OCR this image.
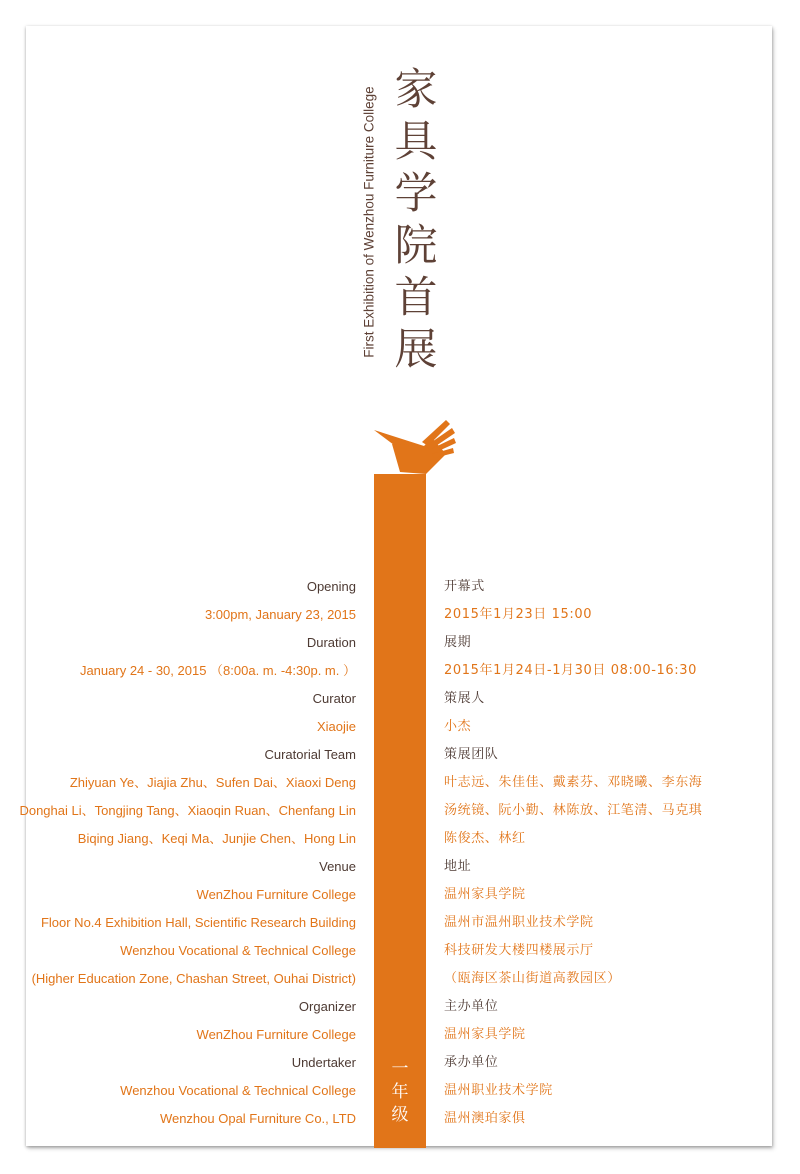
家
具
学
院
首
展
First Exhibition of Wenzhou Furniture College
一
年
级
Opening
3:00pm, January 23, 2015
Duration
January 24 - 30, 2015 （8:00a. m. -4:30p. m. ）
Curator
Xiaojie
Curatorial Team
Zhiyuan Ye、Jiajia Zhu、Sufen Dai、Xiaoxi Deng
Donghai Li、Tongjing Tang、Xiaoqin Ruan、Chenfang Lin
Biqing Jiang、Keqi Ma、Junjie Chen、Hong Lin
Venue
WenZhou Furniture College
Floor No.4 Exhibition Hall, Scientific Research Building
Wenzhou Vocational & Technical College
(Higher Education Zone, Chashan Street, Ouhai District)
Organizer
WenZhou Furniture College
Undertaker
Wenzhou Vocational & Technical College
Wenzhou Opal Furniture Co., LTD
开幕式
2015年1月23日 15:00
展期
2015年1月24日-1月30日 08:00-16:30
策展人
小杰
策展团队
叶志远、朱佳佳、戴素芬、邓晓曦、李东海
汤统镜、阮小勤、林陈放、江笔清、马克琪
陈俊杰、林红
地址
温州家具学院
温州市温州职业技术学院
科技研发大楼四楼展示厅
（瓯海区茶山街道高教园区）
主办单位
温州家具学院
承办单位
温州职业技术学院
温州澳珀家俱
